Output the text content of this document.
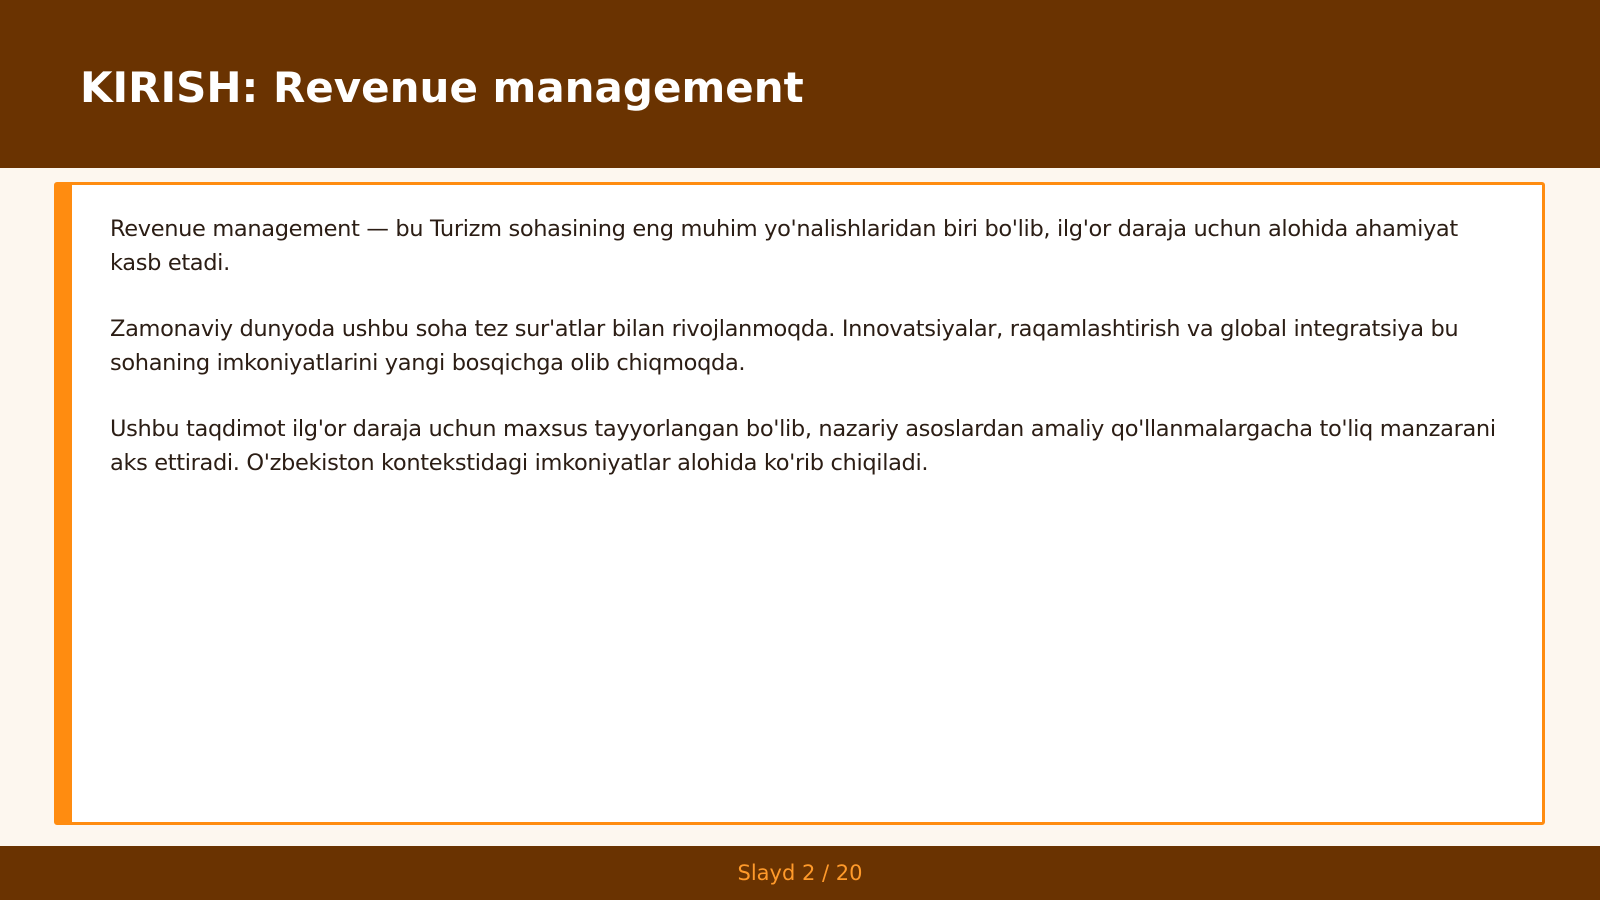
KIRISH: Revenue management

Revenue management — bu Turizm sohasining eng muhim yo'nalishlaridan biri bo'lib, ilg'or daraja uchun alohida ahamiyat kasb etadi.

Zamonaviy dunyoda ushbu soha tez sur'atlar bilan rivojlanmoqda. Innovatsiyalar, raqamlashtirish va global integratsiya bu sohaning imkoniyatlarini yangi bosqichga olib chiqmoqda.

Ushbu taqdimot ilg'or daraja uchun maxsus tayyorlangan bo'lib, nazariy asoslardan amaliy qo'llanmalargacha to'liq manzarani aks ettiradi. O'zbekiston kontekstidagi imkoniyatlar alohida ko'rib chiqiladi.

Slayd 2 / 20
